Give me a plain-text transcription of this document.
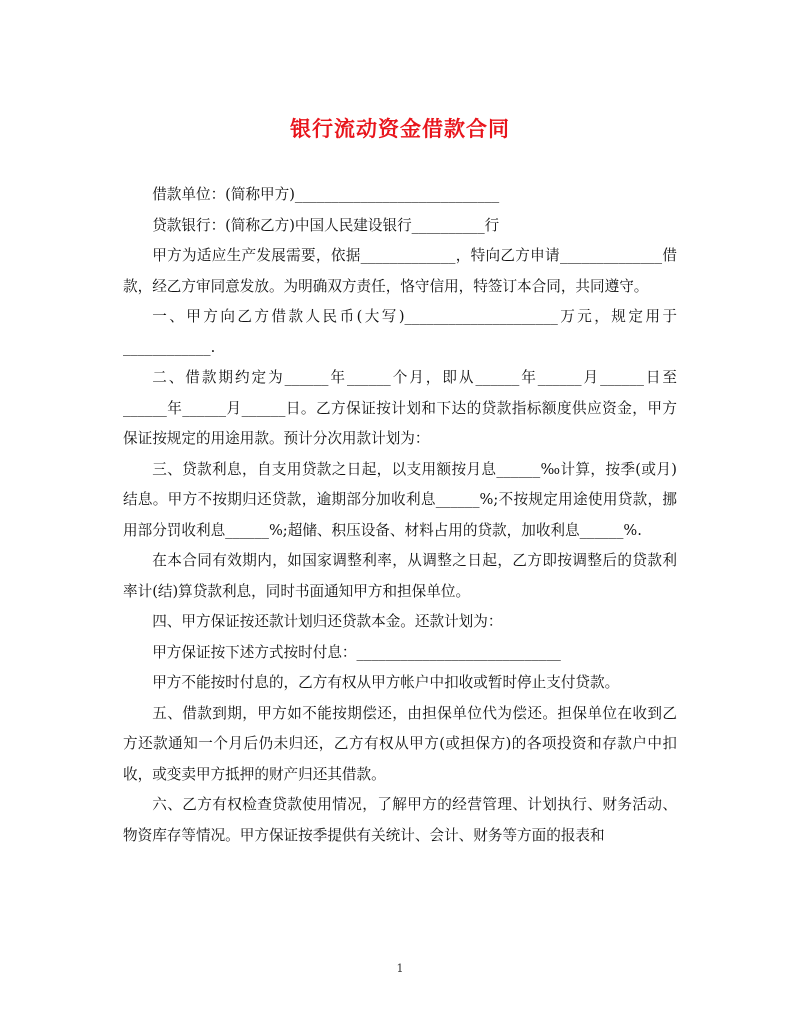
银行流动资金借款合同

借款单位：(简称甲方)____________________________

贷款银行：(简称乙方)中国人民建设银行__________行

甲方为适应生产发展需要，依据_____________，特向乙方申请______________借款，经乙方审同意发放。为明确双方责任，恪守信用，特签订本合同，共同遵守。

一、甲方向乙方借款人民币(大写)_____________________万元，规定用于____________.

二、借款期约定为______年______个月，即从______年______月______日至______年______月______日。乙方保证按计划和下达的贷款指标额度供应资金，甲方保证按规定的用途用款。预计分次用款计划为：

三、贷款利息，自支用贷款之日起，以支用额按月息______‰计算，按季(或月)结息。甲方不按期归还贷款，逾期部分加收利息______%;不按规定用途使用贷款，挪用部分罚收利息______%;超储、积压设备、材料占用的贷款，加收利息______%.

在本合同有效期内，如国家调整利率，从调整之日起，乙方即按调整后的贷款利率计(结)算贷款利息，同时书面通知甲方和担保单位。

四、甲方保证按还款计划归还贷款本金。还款计划为：

甲方保证按下述方式按时付息：____________________________

甲方不能按时付息的，乙方有权从甲方帐户中扣收或暂时停止支付贷款。

五、借款到期，甲方如不能按期偿还，由担保单位代为偿还。担保单位在收到乙方还款通知一个月后仍未归还，乙方有权从甲方(或担保方)的各项投资和存款户中扣收，或变卖甲方抵押的财产归还其借款。

六、乙方有权检查贷款使用情况，了解甲方的经营管理、计划执行、财务活动、物资库存等情况。甲方保证按季提供有关统计、会计、财务等方面的报表和

1
